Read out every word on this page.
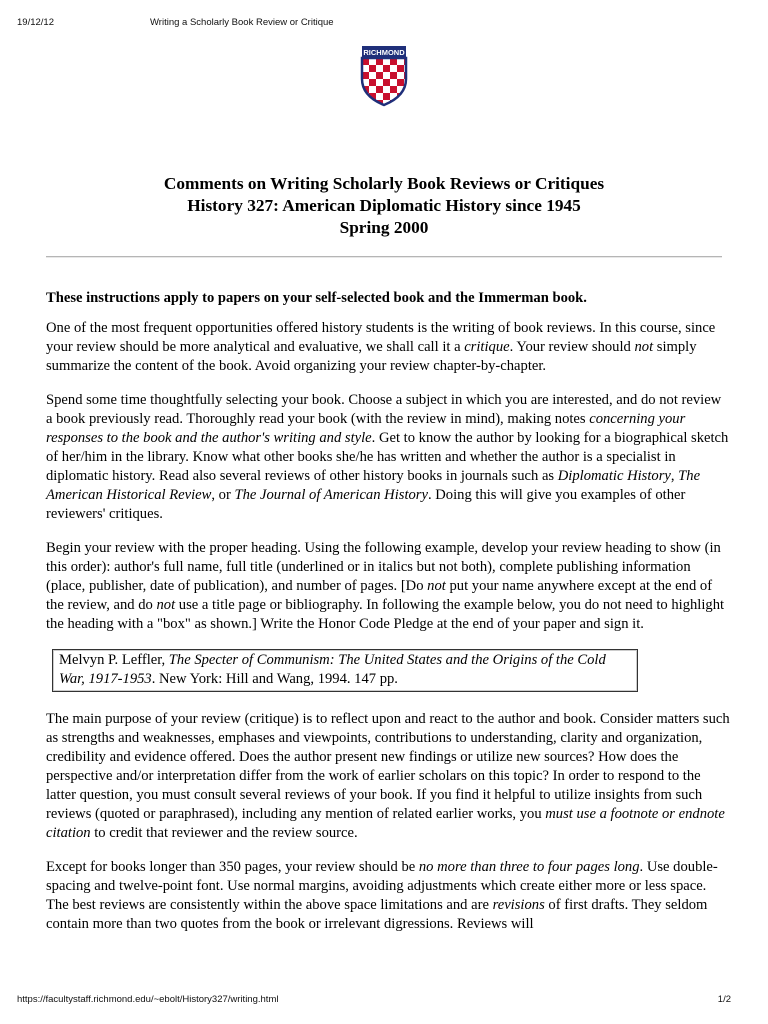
19/12/12	Writing a Scholarly Book Review or Critique
RICHMOND
Comments on Writing Scholarly Book Reviews or Critiques
History 327: American Diplomatic History since 1945
Spring 2000

These instructions apply to papers on your self-selected book and the Immerman book.

One of the most frequent opportunities offered history students is the writing of book reviews. In this course, since your review should be more analytical and evaluative, we shall call it a critique. Your review should not simply summarize the content of the book. Avoid organizing your review chapter-by-chapter.

Spend some time thoughtfully selecting your book. Choose a subject in which you are interested, and do not review a book previously read. Thoroughly read your book (with the review in mind), making notes concerning your responses to the book and the author's writing and style. Get to know the author by looking for a biographical sketch of her/him in the library. Know what other books she/he has written and whether the author is a specialist in diplomatic history. Read also several reviews of other history books in journals such as Diplomatic History, The American Historical Review, or The Journal of American History. Doing this will give you examples of other reviewers' critiques.

Begin your review with the proper heading. Using the following example, develop your review heading to show (in this order): author's full name, full title (underlined or in italics but not both), complete publishing information (place, publisher, date of publication), and number of pages. [Do not put your name anywhere except at the end of the review, and do not use a title page or bibliography. In following the example below, you do not need to highlight the heading with a "box" as shown.] Write the Honor Code Pledge at the end of your paper and sign it.

Melvyn P. Leffler, The Specter of Communism: The United States and the Origins of the Cold War, 1917-1953. New York: Hill and Wang, 1994. 147 pp.

The main purpose of your review (critique) is to reflect upon and react to the author and book. Consider matters such as strengths and weaknesses, emphases and viewpoints, contributions to understanding, clarity and organization, credibility and evidence offered. Does the author present new findings or utilize new sources? How does the perspective and/or interpretation differ from the work of earlier scholars on this topic? In order to respond to the latter question, you must consult several reviews of your book. If you find it helpful to utilize insights from such reviews (quoted or paraphrased), including any mention of related earlier works, you must use a footnote or endnote citation to credit that reviewer and the review source.

Except for books longer than 350 pages, your review should be no more than three to four pages long. Use double-spacing and twelve-point font. Use normal margins, avoiding adjustments which create either more or less space. The best reviews are consistently within the above space limitations and are revisions of first drafts. They seldom contain more than two quotes from the book or irrelevant digressions. Reviews will

https://facultystaff.richmond.edu/~ebolt/History327/writing.html	1/2
